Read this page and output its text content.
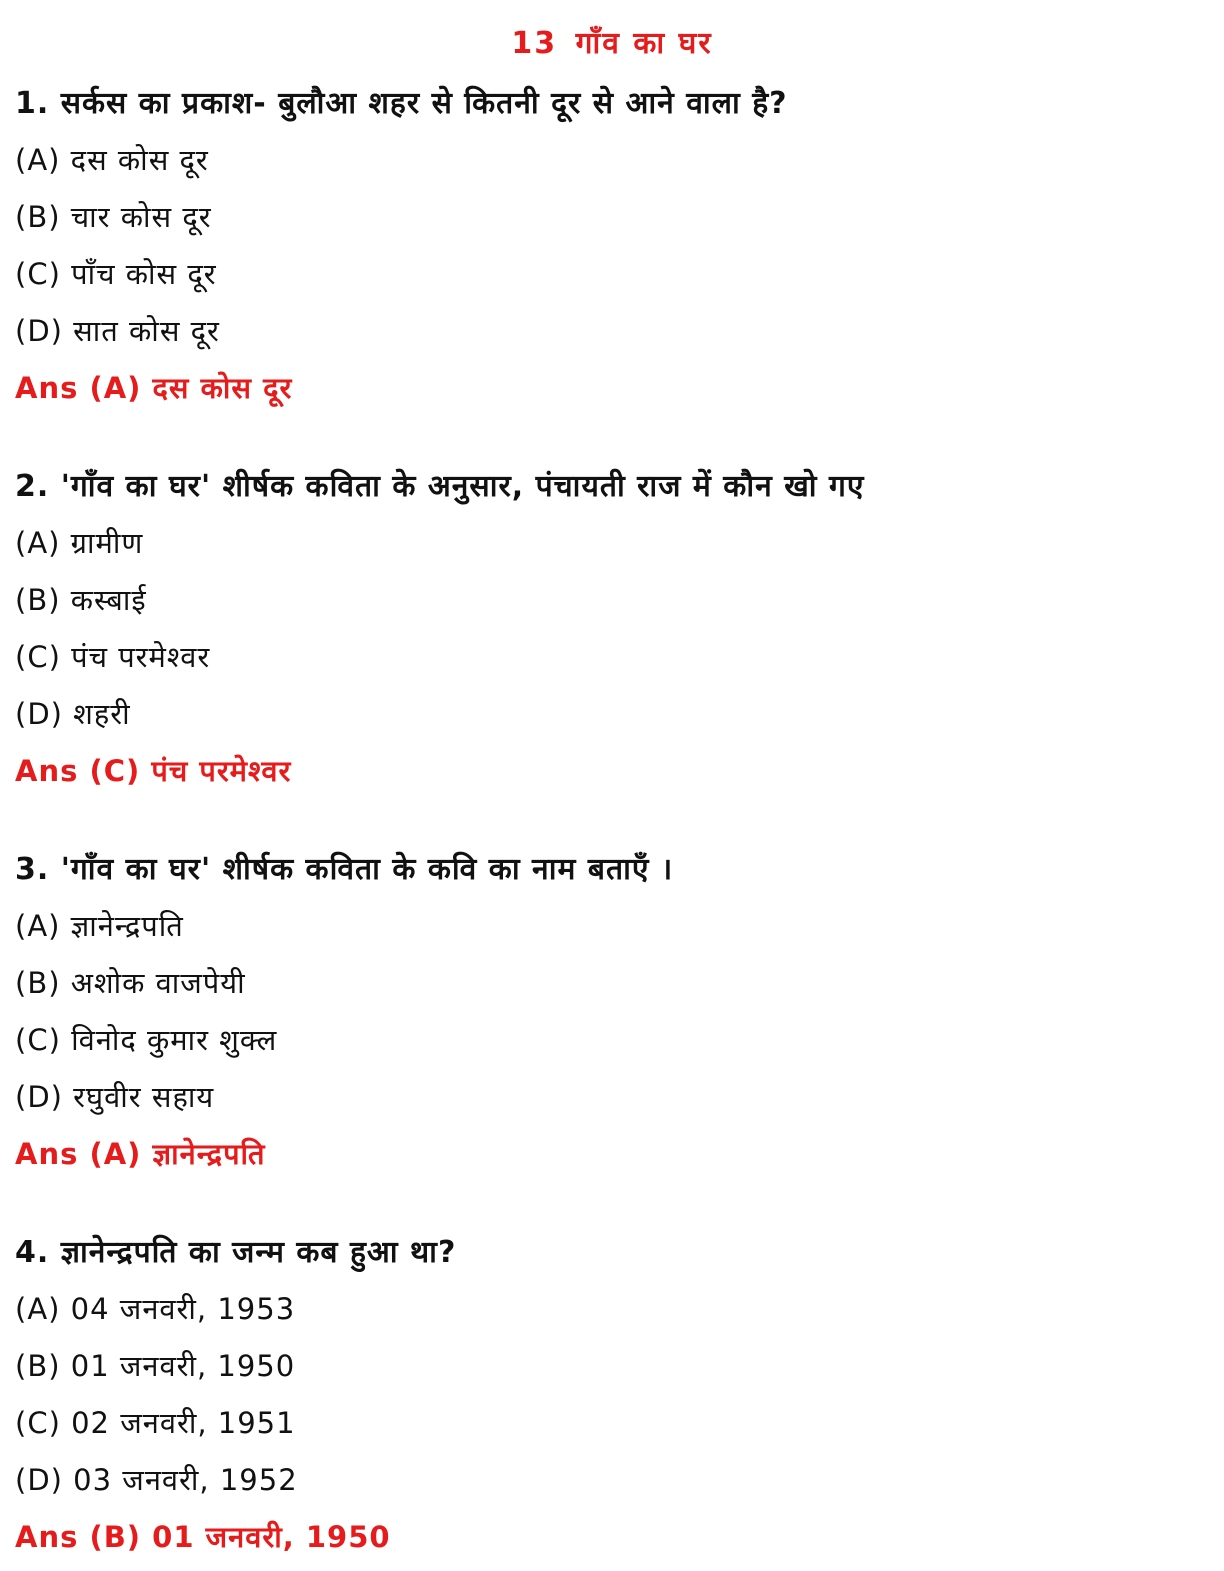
13 गाँव का घर
1. सर्कस का प्रकाश- बुलौआ शहर से कितनी दूर से आने वाला है?
(A) दस कोस दूर
(B) चार कोस दूर
(C) पाँच कोस दूर
(D) सात कोस दूर
Ans (A) दस कोस दूर
2. 'गाँव का घर' शीर्षक कविता के अनुसार, पंचायती राज में कौन खो गए
(A) ग्रामीण
(B) कस्बाई
(C) पंच परमेश्वर
(D) शहरी
Ans (C) पंच परमेश्वर
3. 'गाँव का घर' शीर्षक कविता के कवि का नाम बताएँ ।
(A) ज्ञानेन्द्रपति
(B) अशोक वाजपेयी
(C) विनोद कुमार शुक्ल
(D) रघुवीर सहाय
Ans (A) ज्ञानेन्द्रपति
4. ज्ञानेन्द्रपति का जन्म कब हुआ था?
(A) 04 जनवरी, 1953
(B) 01 जनवरी, 1950
(C) 02 जनवरी, 1951
(D) 03 जनवरी, 1952
Ans (B) 01 जनवरी, 1950
